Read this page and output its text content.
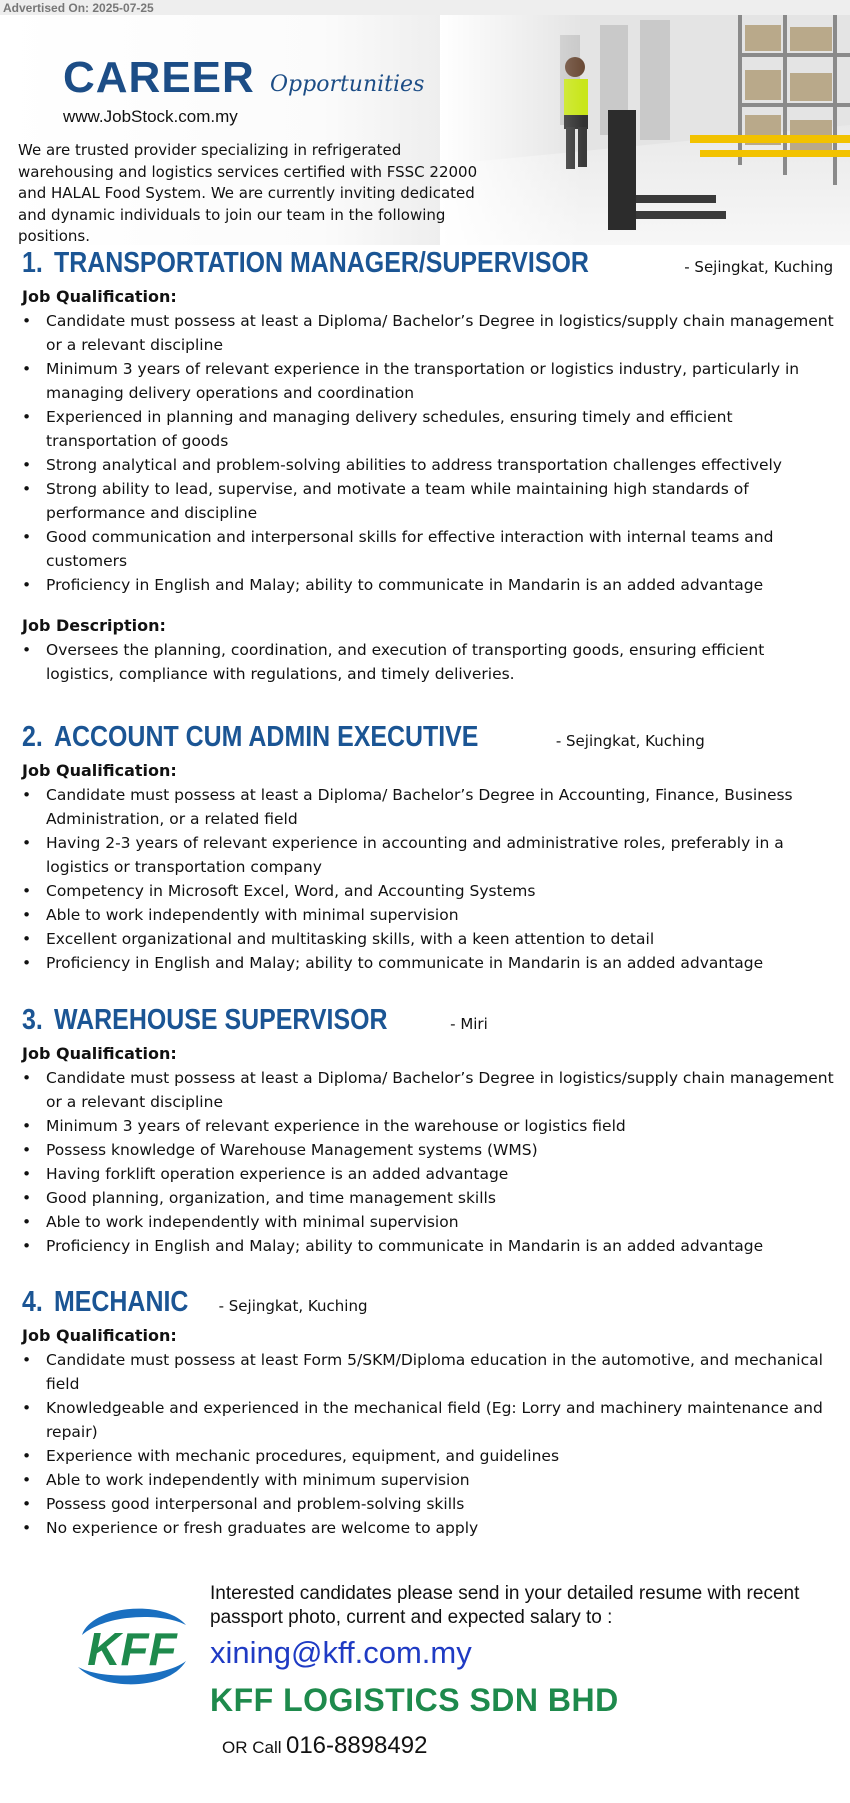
Advertised On: 2025-07-25
CAREER Opportunities
www.JobStock.com.my
We are trusted provider specializing in refrigerated warehousing and logistics services certified with FSSC 22000 and HALAL Food System. We are currently inviting dedicated and dynamic individuals to join our team in the following positions.
1. TRANSPORTATION MANAGER/SUPERVISOR	- Sejingkat, Kuching
Job Qualification:
• Candidate must possess at least a Diploma/ Bachelor’s Degree in logistics/supply chain management or a relevant discipline
• Minimum 3 years of relevant experience in the transportation or logistics industry, particularly in managing delivery operations and coordination
• Experienced in planning and managing delivery schedules, ensuring timely and efficient transportation of goods
• Strong analytical and problem-solving abilities to address transportation challenges effectively
• Strong ability to lead, supervise, and motivate a team while maintaining high standards of performance and discipline
• Good communication and interpersonal skills for effective interaction with internal teams and customers
• Proficiency in English and Malay; ability to communicate in Mandarin is an added advantage
Job Description:
• Oversees the planning, coordination, and execution of transporting goods, ensuring efficient logistics, compliance with regulations, and timely deliveries.
2. ACCOUNT CUM ADMIN EXECUTIVE	- Sejingkat, Kuching
Job Qualification:
• Candidate must possess at least a Diploma/ Bachelor’s Degree in Accounting, Finance, Business Administration, or a related field
• Having 2-3 years of relevant experience in accounting and administrative roles, preferably in a logistics or transportation company
• Competency in Microsoft Excel, Word, and Accounting Systems
• Able to work independently with minimal supervision
• Excellent organizational and multitasking skills, with a keen attention to detail
• Proficiency in English and Malay; ability to communicate in Mandarin is an added advantage
3. WAREHOUSE SUPERVISOR	- Miri
Job Qualification:
• Candidate must possess at least a Diploma/ Bachelor’s Degree in logistics/supply chain management or a relevant discipline
• Minimum 3 years of relevant experience in the warehouse or logistics field
• Possess knowledge of Warehouse Management systems (WMS)
• Having forklift operation experience is an added advantage
• Good planning, organization, and time management skills
• Able to work independently with minimal supervision
• Proficiency in English and Malay; ability to communicate in Mandarin is an added advantage
4. MECHANIC - Sejingkat, Kuching
Job Qualification:
• Candidate must possess at least Form 5/SKM/Diploma education in the automotive, and mechanical field
• Knowledgeable and experienced in the mechanical field (Eg: Lorry and machinery maintenance and repair)
• Experience with mechanic procedures, equipment, and guidelines
• Able to work independently with minimum supervision
• Possess good interpersonal and problem-solving skills
• No experience or fresh graduates are welcome to apply
KFF
Interested candidates please send in your detailed resume with recent passport photo, current and expected salary to :
xining@kff.com.my
KFF LOGISTICS SDN BHD
OR Call 016-8898492
